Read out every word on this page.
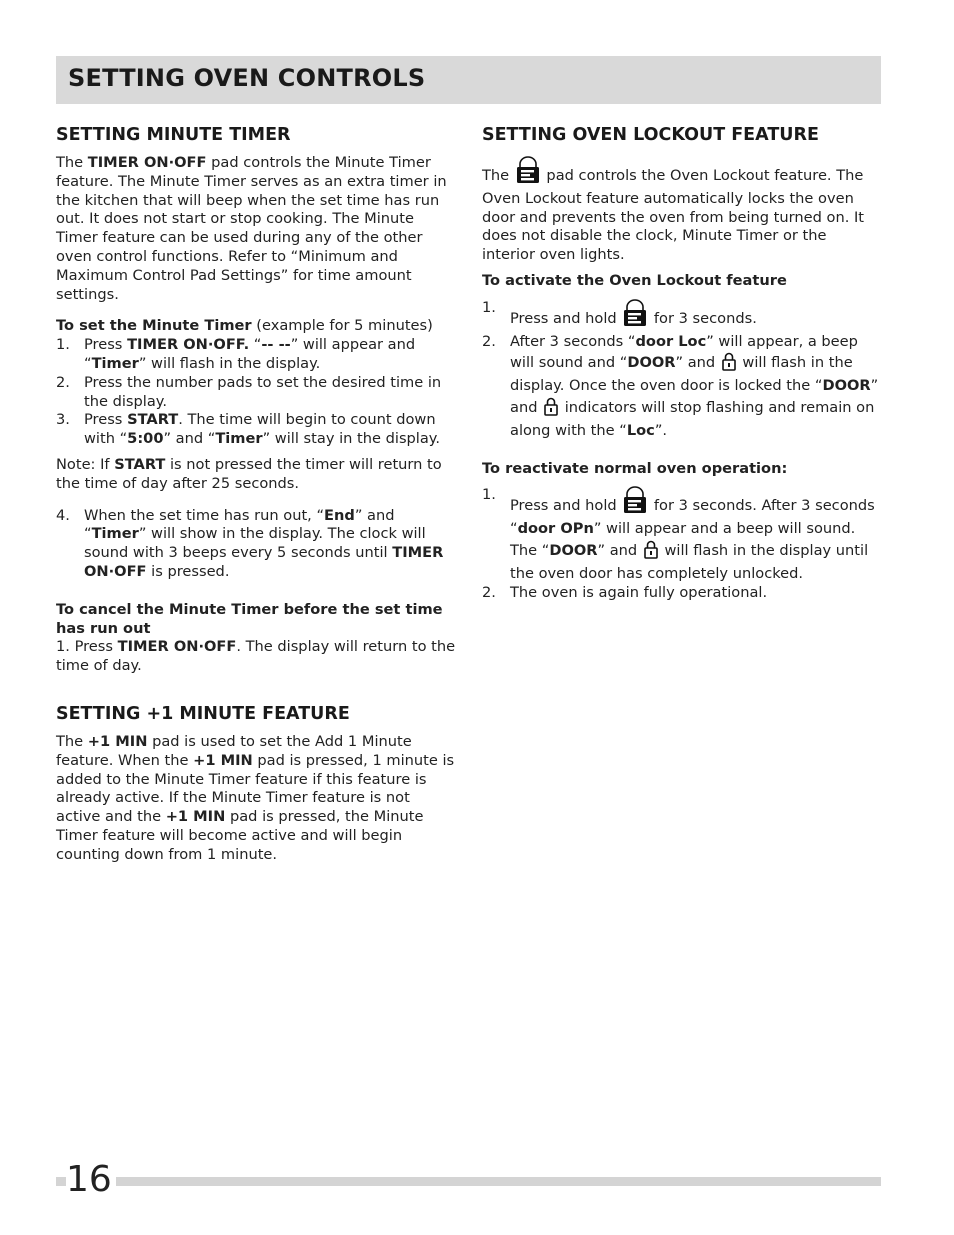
SETTING OVEN CONTROLS
SETTING MINUTE TIMER

The TIMER ON·OFF pad controls the Minute Timer feature. The Minute Timer serves as an extra timer in the kitchen that will beep when the set time has run out. It does not start or stop cooking. The Minute Timer feature can be used during any of the other oven control functions. Refer to “Minimum and Maximum Control Pad Settings” for time amount settings.

To set the Minute Timer (example for 5 minutes)

1. Press TIMER ON·OFF. “-- --” will appear and “Timer” will flash in the display.
2. Press the number pads to set the desired time in the display.
3. Press START. The time will begin to count down with “5:00” and “Timer” will stay in the display.

Note: If START is not pressed the timer will return to the time of day after 25 seconds.

4. When the set time has run out, “End” and “Timer” will show in the display. The clock will sound with 3 beeps every 5 seconds until TIMER ON·OFF is pressed.

To cancel the Minute Timer before the set time has run out

1. Press TIMER ON·OFF. The display will return to the time of day.

SETTING +1 MINUTE FEATURE

The +1 MIN pad is used to set the Add 1 Minute feature. When the +1 MIN pad is pressed, 1 minute is added to the Minute Timer feature if this feature is already active. If the Minute Timer feature is not active and the +1 MIN pad is pressed, the Minute Timer feature will become active and will begin counting down from 1 minute.

SETTING OVEN LOCKOUT FEATURE

The  pad controls the Oven Lockout feature. The Oven Lockout feature automatically locks the oven door and prevents the oven from being turned on. It does not disable the clock, Minute Timer or the interior oven lights.

To activate the Oven Lockout feature

1.
Press and hold  for 3 seconds.
2. After 3 seconds “door Loc” will appear, a beep will sound and “DOOR” and  will flash in the display. Once the oven door is locked the “DOOR” and  indicators will stop flashing and remain on along with the “Loc”.

To reactivate normal oven operation:

1.
Press and hold  for 3 seconds. After 3 seconds “door OPn” will appear and a beep will sound. The “DOOR” and  will flash in the display until the oven door has completely unlocked.
2. The oven is again fully operational.
16
